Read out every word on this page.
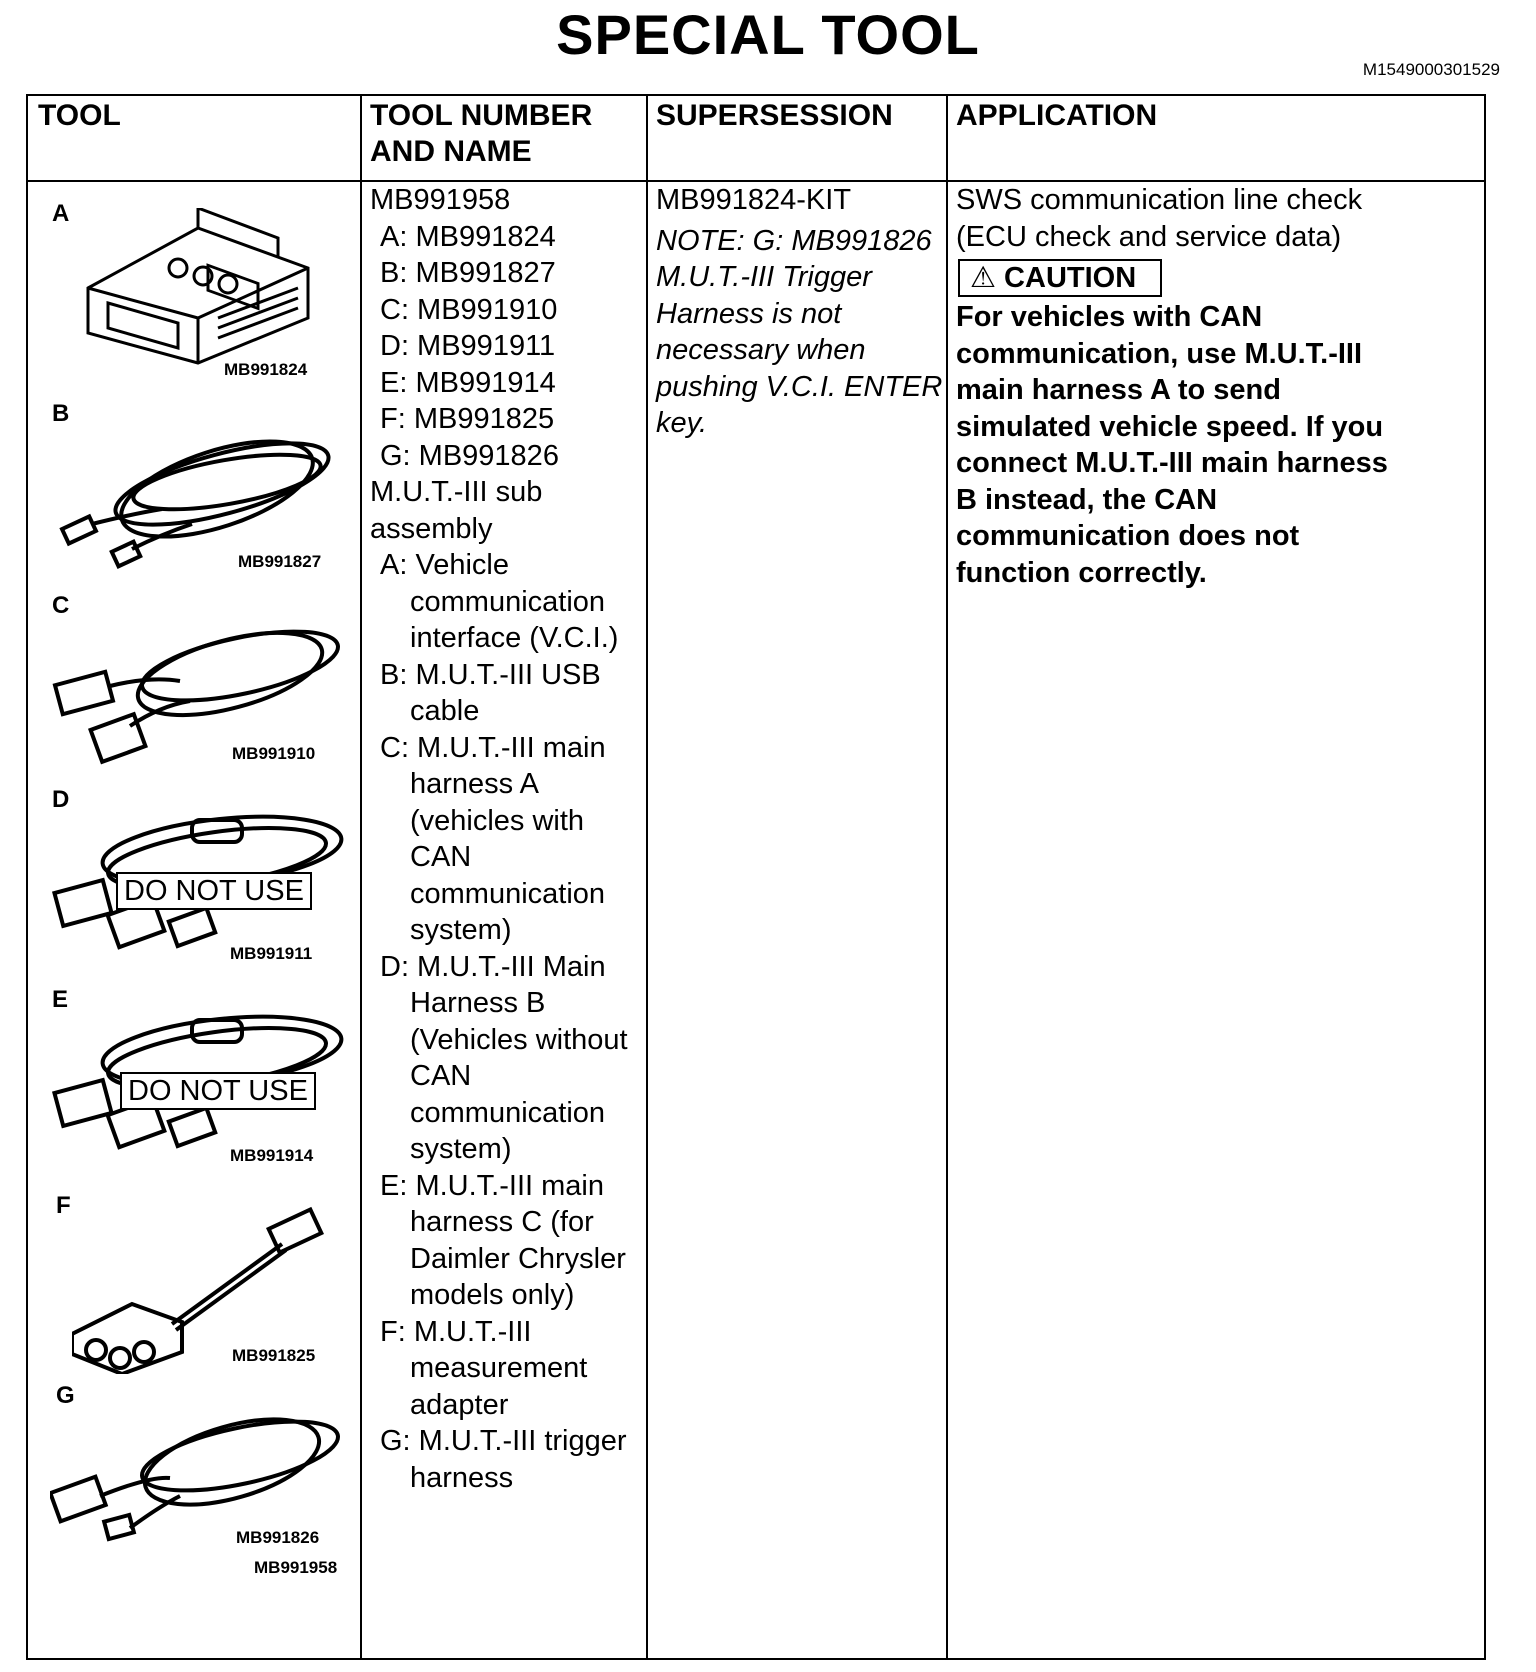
SPECIAL TOOL
M1549000301529
TOOL	TOOL NUMBER
AND NAME
SUPERSESSION APPLICATION
A
MB991824
B
MB991827
C
MB991910
D
DO NOT USE
MB991911
E
DO NOT USE
MB991914
F
MB991825
G
MB991826
MB991958
MB991958
A: MB991824
B: MB991827
C: MB991910
D: MB991911
E: MB991914
F: MB991825
G: MB991826
M.U.T.-III sub
assembly
A: Vehicle
communication
interface (V.C.I.)
B: M.U.T.-III USB
cable
C: M.U.T.-III main
harness A
(vehicles with
CAN
communication
system)
D: M.U.T.-III Main
Harness B
(Vehicles without
CAN
communication
system)
E: M.U.T.-III main
harness C (for
Daimler Chrysler
models only)
F: M.U.T.-III
measurement
adapter
G: M.U.T.-III trigger
harness
MB991824-KIT
NOTE: G: MB991826
M.U.T.-III Trigger
Harness is not
necessary when
pushing V.C.I. ENTER
key.
SWS communication line check
(ECU check and service data)
⚠ CAUTION
For vehicles with CAN
communication, use M.U.T.-III
main harness A to send
simulated vehicle speed. If you
connect M.U.T.-III main harness
B instead, the CAN
communication does not
function correctly.
